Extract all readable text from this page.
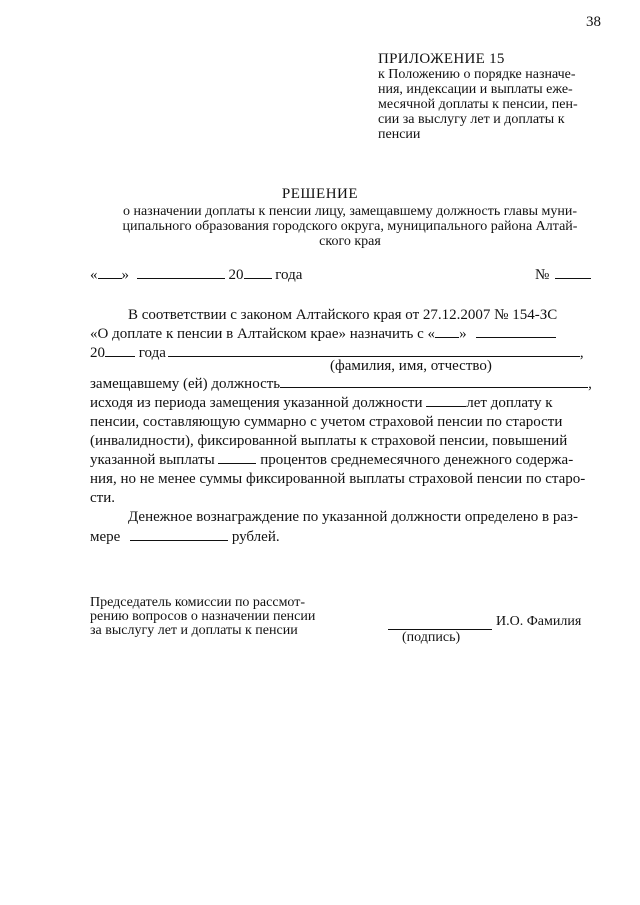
38
ПРИЛОЖЕНИЕ 15
к Положению о порядке назначе-
ния, индексации и выплаты еже-
месячной доплаты к пенсии, пен-
сии за выслугу лет и доплаты к
пенсии
РЕШЕНИЕ
о назначении доплаты к пенсии лицу, замещавшему должность главы муни-
ципального образования городского округа, муниципального района Алтай-
ского края
« »	20 года	№
В соответствии с законом Алтайского края от 27.12.2007 № 154-ЗС
«О доплате к пенсии в Алтайском крае» назначить с « »
20 года	,
(фамилия, имя, отчество)
замещавшему (ей) должность	,
исходя из периода замещения указанной должности	лет доплату к
пенсии, составляющую суммарно с учетом страховой пенсии по старости
(инвалидности), фиксированной выплаты к страховой пенсии, повышений
указанной выплаты	процентов среднемесячного денежного содержа-
ния, но не менее суммы фиксированной выплаты страховой пенсии по старо-
сти.
Денежное вознаграждение по указанной должности определено в раз-
мере	рублей.
Председатель комиссии по рассмот-
рению вопросов о назначении пенсии
за выслугу лет и доплаты к пенсии
И.О. Фамилия
(подпись)
